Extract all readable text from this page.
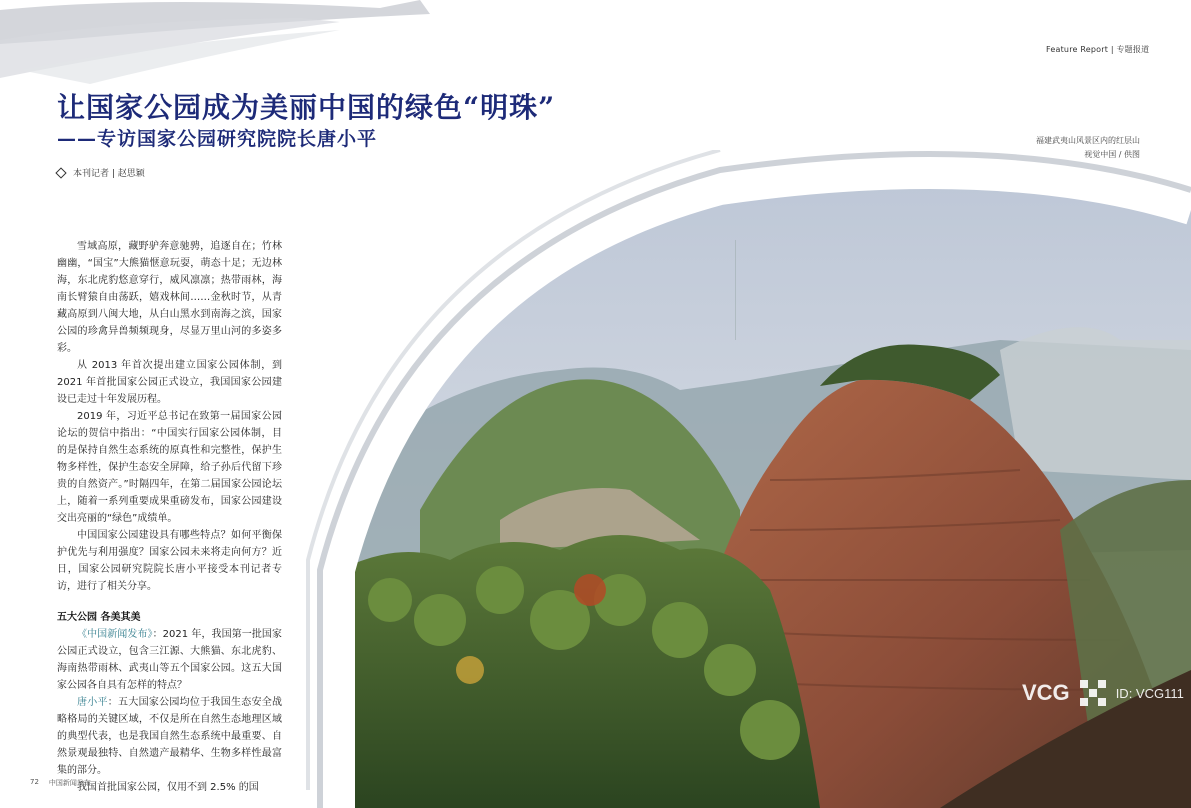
Feature Report | 专题报道
让国家公园成为美丽中国的绿色“明珠”
——专访国家公园研究院院长唐小平
本刊记者 | 赵思颖
福建武夷山风景区内的红层山
视觉中国 / 供图
VCG	ID: VCG111

雪域高原，藏野驴奔意驰骋，追逐自在；竹林幽幽，“国宝”大熊猫惬意玩耍，萌态十足；无边林海，东北虎豹悠意穿行，威风凛凛；热带雨林，海南长臂猿自由荡跃，嬉戏林间……金秋时节，从青藏高原到八闽大地，从白山黑水到南海之滨，国家公园的珍禽异兽频频现身，尽显万里山河的多姿多彩。

从 2013 年首次提出建立国家公园体制，到 2021 年首批国家公园正式设立，我国国家公园建设已走过十年发展历程。

2019 年，习近平总书记在致第一届国家公园论坛的贺信中指出：“中国实行国家公园体制，目的是保持自然生态系统的原真性和完整性，保护生物多样性，保护生态安全屏障，给子孙后代留下珍贵的自然资产。”时隔四年，在第二届国家公园论坛上，随着一系列重要成果重磅发布，国家公园建设交出亮丽的“绿色”成绩单。

中国国家公园建设具有哪些特点？如何平衡保护优先与利用强度？国家公园未来将走向何方？近日，国家公园研究院院长唐小平接受本刊记者专访，进行了相关分享。

五大公园 各美其美

《中国新闻发布》：2021 年，我国第一批国家公园正式设立，包含三江源、大熊猫、东北虎豹、海南热带雨林、武夷山等五个国家公园。这五大国家公园各自具有怎样的特点？

唐小平：五大国家公园均位于我国生态安全战略格局的关键区域，不仅是所在自然生态地理区域的典型代表，也是我国自然生态系统中最重要、自然景观最独特、自然遗产最精华、生物多样性最富集的部分。

我国首批国家公园，仅用不到 2.5% 的国

72 中国新闻发布
